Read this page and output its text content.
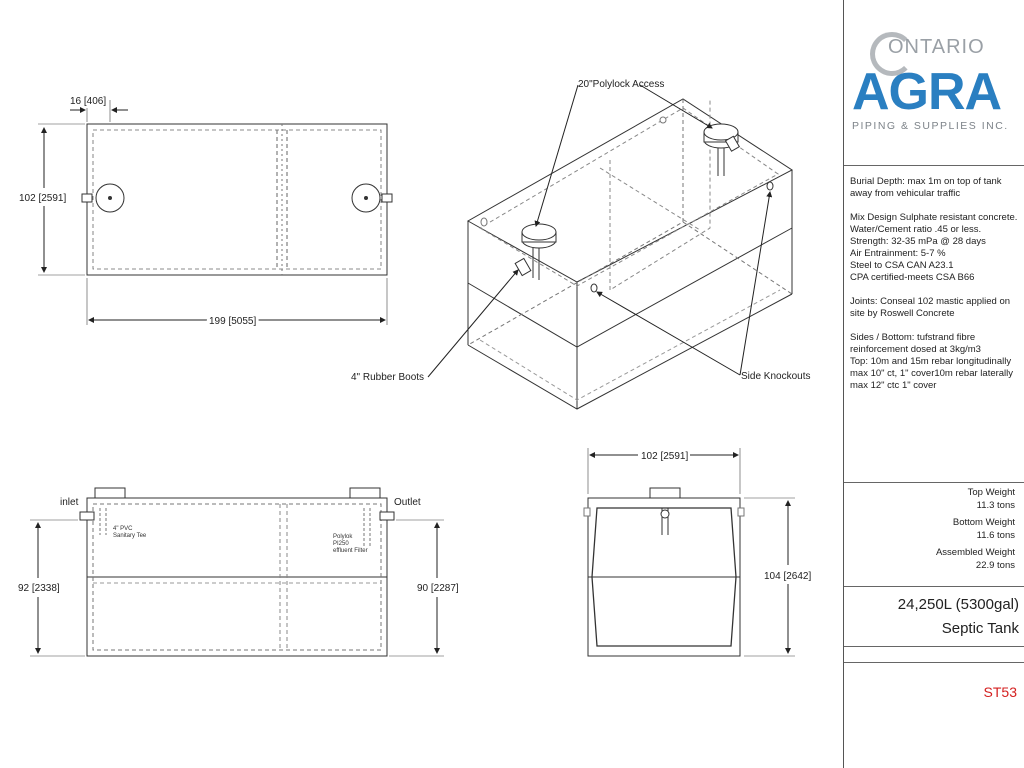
16 [406]
102 [2591]
199 [5055]
20"Polylock Access
4" Rubber Boots	Side Knockouts
inlet	Outlet
4" PVC
Sanitary Tee	Polylok
PI250
effluent Filter
92 [2338]	90 [2287]
102 [2591]
104 [2642]
ONTARIO
AGRA
PIPING & SUPPLIES INC.

Burial Depth: max 1m on top of tank away from vehicular traffic

Mix Design Sulphate resistant concrete. Water/Cement ratio .45 or less. Strength: 32-35 mPa @ 28 days
Air Entrainment: 5-7 %
Steel to CSA CAN A23.1
CPA certified-meets CSA B66

Joints: Conseal 102 mastic applied on site by Roswell Concrete

Sides / Bottom: tufstrand fibre reinforcement dosed at 3kg/m3
Top: 10m and 15m rebar longitudinally max 10" ct, 1" cover10m rebar laterally max 12" ctc 1" cover

Top Weight
11.3 tons
Bottom Weight
11.6 tons
Assembled Weight
22.9 tons
24,250L (5300gal)
Septic Tank
ST53
